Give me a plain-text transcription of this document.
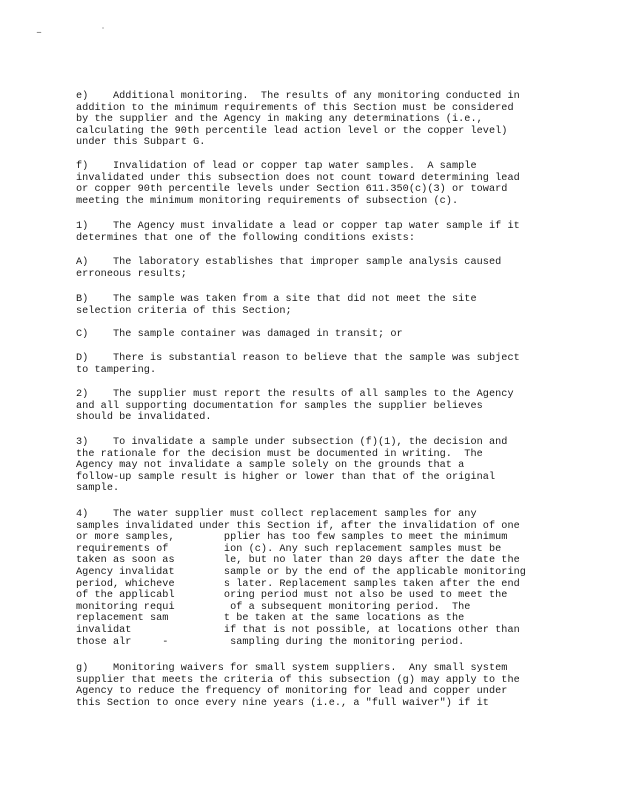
‒ ˙
e)    Additional monitoring.  The results of any monitoring conducted in
addition to the minimum requirements of this Section must be considered
by the supplier and the Agency in making any determinations (i.e.,
calculating the 90th percentile lead action level or the copper level)
under this Subpart G.
f)    Invalidation of lead or copper tap water samples.  A sample
invalidated under this subsection does not count toward determining lead
or copper 90th percentile levels under Section 611.350(c)(3) or toward
meeting the minimum monitoring requirements of subsection (c).
1)    The Agency must invalidate a lead or copper tap water sample if it
determines that one of the following conditions exists:
A)    The laboratory establishes that improper sample analysis caused
erroneous results;
B)    The sample was taken from a site that did not meet the site
selection criteria of this Section;
C)    The sample container was damaged in transit; or
D)    There is substantial reason to believe that the sample was subject
to tampering.
2)    The supplier must report the results of all samples to the Agency
and all supporting documentation for samples the supplier believes
should be invalidated.
3)    To invalidate a sample under subsection (f)(1), the decision and
the rationale for the decision must be documented in writing.  The
Agency may not invalidate a sample solely on the grounds that a
follow-up sample result is higher or lower than that of the original
sample.
4)    The water supplier must collect replacement samples for any
samples invalidated under this Section if, after the invalidation of one
or more samples,        pplier has too few samples to meet the minimum
requirements of         ion (c). Any such replacement samples must be
taken as soon as        le, but no later than 20 days after the date the
Agency invalidat        sample or by the end of the applicable monitoring
period, whicheve        s later. Replacement samples taken after the end
of the applicabl        oring period must not also be used to meet the
monitoring requi         of a subsequent monitoring period.  The
replacement sam         t be taken at the same locations as the
invalidat               if that is not possible, at locations other than
those alr     -          sampling during the monitoring period.
g)    Monitoring waivers for small system suppliers.  Any small system
supplier that meets the criteria of this subsection (g) may apply to the
Agency to reduce the frequency of monitoring for lead and copper under
this Section to once every nine years (i.e., a "full waiver") if it
